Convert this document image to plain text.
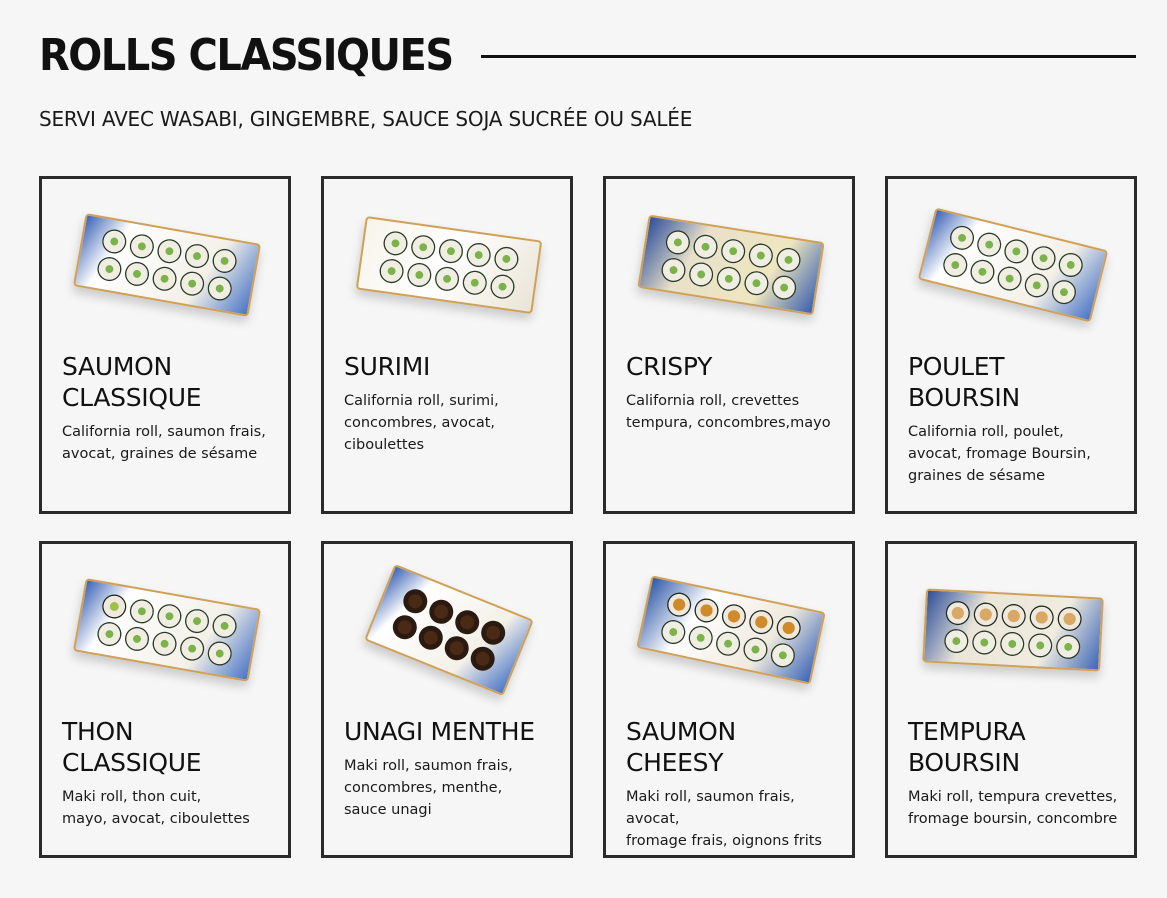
ROLLS CLASSIQUES
SERVI AVEC WASABI, GINGEMBRE, SAUCE SOJA SUCRÉE OU SALÉE
SAUMON
CLASSIQUE
California roll, saumon frais,
avocat, graines de sésame
SURIMI
California roll, surimi,
concombres, avocat,
ciboulettes
CRISPY
California roll, crevettes
tempura, concombres,mayo
POULET
BOURSIN
California roll, poulet,
avocat, fromage Boursin,
graines de sésame
THON
CLASSIQUE
Maki roll, thon cuit,
mayo, avocat, ciboulettes
UNAGI MENTHE
Maki roll, saumon frais,
concombres, menthe,
sauce unagi
SAUMON
CHEESY
Maki roll, saumon frais, avocat,
fromage frais, oignons frits
TEMPURA
BOURSIN
Maki roll, tempura crevettes,
fromage boursin, concombre
